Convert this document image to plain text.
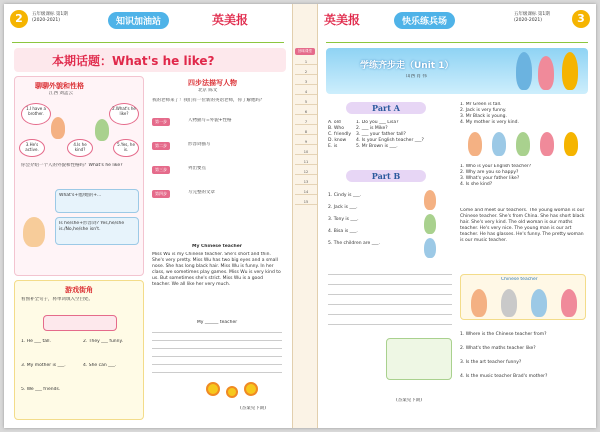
2	五年级课标 第1期
(2020-2021)	知识加油站	英美报
本期话题：What's he like?
聊聊外貌和性格
江西 刘孟云
1.I have a brother.
2.What's he like?
3.He's active.
4.Is he kind?
5.Yes, he is.
你会介绍一个人的外貌和性格吗？What's he like?
What's+他/她的+...
Is he/she+形容词? Yes,he/she is./No,he/she isn't.
游戏街角
看图补全句子，将单词填入空白处。
1. He ___ tall.	2. They ___ funny.
3. My mother is ___.	4. She can ___.
5. We ___ friends.
四步法描写人物
北京 陈文
我的老师来了！我们有一位新的英语老师，你了解他吗？
第一步	人物描写=外貌+性格
第二步	形容词描写
第三步	列出要点
第四步	写完整的文章
My Chinese teacher
Miss Wu is my Chinese teacher. She's short and thin. She's very pretty. Miss Wu has two big eyes and a small nose. She has long black hair. Miss Wu is funny. In her class, we sometimes play games. Miss Wu is very kind to us. But sometimes she's strict. Miss Wu is a good teacher. We all like her very much.
My ______ teacher
(答案见下期)
回味课堂
1
2
3
4
5
6
7
8
9
10
11
12
13
14
15
英美报	快乐练兵场
五年级课标 第1期
(2020-2021)	3
学练齐步走（Unit 1）
山西 肖 伟
Part A
A. old
B. Who
C. friendly
D. know
E. is
1. Do you ___ Lisa?
2. ___ is Mike?
3. ___ your father tall?
4. Is your English teacher ___?
5. Mr Brown is ___.
Part B
1. Cindy is ___.
2. Jack is ___.
3. Tony is ___.
4. Bisa is ___.
5. The children are ___.
(答案见下期)
1. Mr Green is tall.
2. Jack is very funny.
3. Mr Black is young.
4. My mother is very kind.
1. Who is your English teacher?
2. Why are you so happy?
3. What's your father like?
4. Is she kind?
Come and meet our teachers. The young woman is our Chinese teacher. She's from China. She has short black hair. She's very kind. The old woman is our maths teacher. He's very nice. The young man is our art teacher. He has glasses. He's funny. The pretty woman is our music teacher.
Chinese teacher
1. Where is the Chinese teacher from?
2. What's the maths teacher like?
3. Is the art teacher funny?
4. Is the music teacher Brad's mother?
